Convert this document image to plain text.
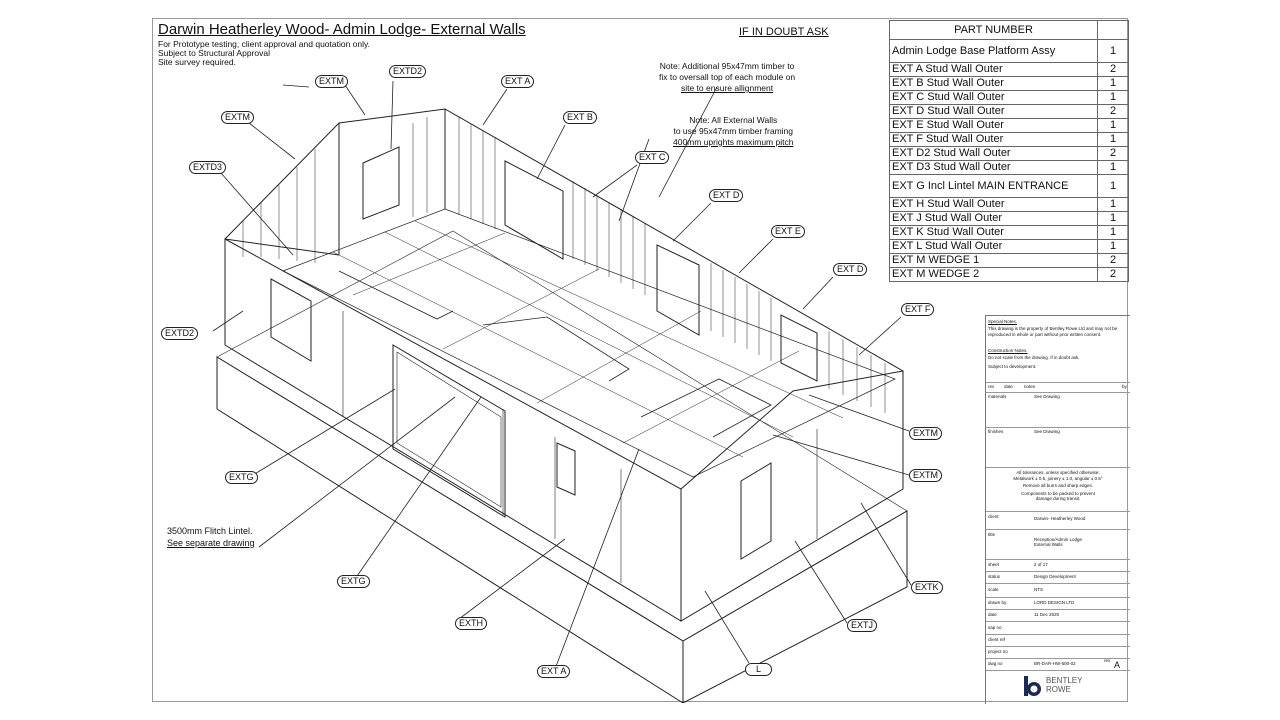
Darwin Heatherley Wood- Admin Lodge- External Walls
For Prototype testing, client approval and quotation only.
Subject to Structural Approval
Site survey required.
IF IN DOUBT ASK
Note: Additional 95x47mm timber to
fix to oversall top of each module on
site to ensure allignment
Note: All External Walls
to use 95x47mm timber framing
400mm uprights maximum pitch
3500mm Flitch Lintel.
See separate drawing
PART NUMBER	
Admin Lodge Base Platform Assy	1
EXT A Stud Wall Outer	2
EXT B Stud Wall Outer	1
EXT C Stud Wall Outer	1
EXT D Stud Wall Outer	2
EXT E Stud Wall Outer	1
EXT F Stud Wall Outer	1
EXT D2 Stud Wall Outer	2
EXT D3 Stud Wall Outer	1
EXT G Incl Lintel MAIN ENTRANCE	1
EXT H Stud Wall Outer	1
EXT J Stud Wall Outer	1
EXT K Stud Wall Outer	1
EXT L Stud Wall Outer	1
EXT M WEDGE 1	2
EXT M WEDGE 2	2
EXTM
EXTD2
EXT A
EXTM	EXT B
EXTD3
EXT C
EXT D
EXT E
EXT D
EXT F
EXTD2
EXTM
EXTM
EXTG
EXTG
EXTK
EXTJ
EXTH
EXT A	L
Special Notes.
This drawing is the property of Bentley Rowe Ltd and may not be reproduced in whole or part without prior written consent.
Construction Notes.
Do not scale from the drawing. If in doubt ask.
Subject to development.
rev date notes	by
materials	See Drawing
finishes	See Drawing
All tolerances, unless specified otherwise:
Metalwork ± 0.5, joinery ± 1.0, angular ± 0.5°
Remove all burrs and sharp edges.
Components to be packed to prevent
damage during transit.
client	Darwin- Heatherley Wood
title
Reception/Admin Lodge
External Walls
sheet	2 of 17
status	Design Development
scale	NTS
drawn by	LORD DESIGN LTD
date	11 Dec 2020
sap no
client ref
project no
dwg no	BR-DAR-HW-500-02
rev A
BENTLEY
ROWE
